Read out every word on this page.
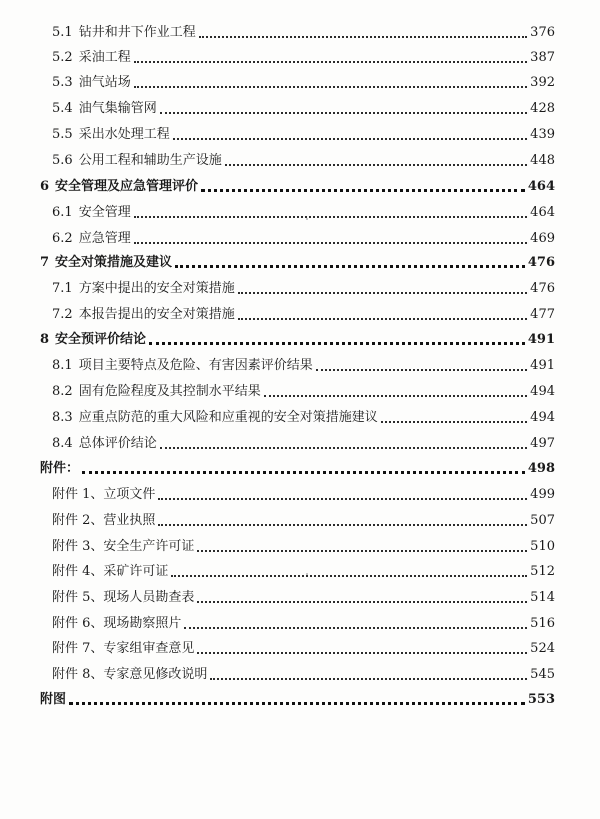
5.1 钻井和井下作业工程	376
5.2 采油工程	387
5.3 油气站场	392
5.4 油气集输管网	428
5.5 采出水处理工程	439
5.6 公用工程和辅助生产设施	448
6 安全管理及应急管理评价	464
6.1 安全管理	464
6.2 应急管理	469
7 安全对策措施及建议	476
7.1 方案中提出的安全对策措施	476
7.2 本报告提出的安全对策措施	477
8 安全预评价结论	491
8.1 项目主要特点及危险、有害因素评价结果	491
8.2 固有危险程度及其控制水平结果	494
8.3 应重点防范的重大风险和应重视的安全对策措施建议	494
8.4 总体评价结论	497
附件：	498
附件 1、立项文件	499
附件 2、营业执照	507
附件 3、安全生产许可证	510
附件 4、采矿许可证	512
附件 5、现场人员勘查表	514
附件 6、现场勘察照片	516
附件 7、专家组审查意见	524
附件 8、专家意见修改说明	545
附图	553
